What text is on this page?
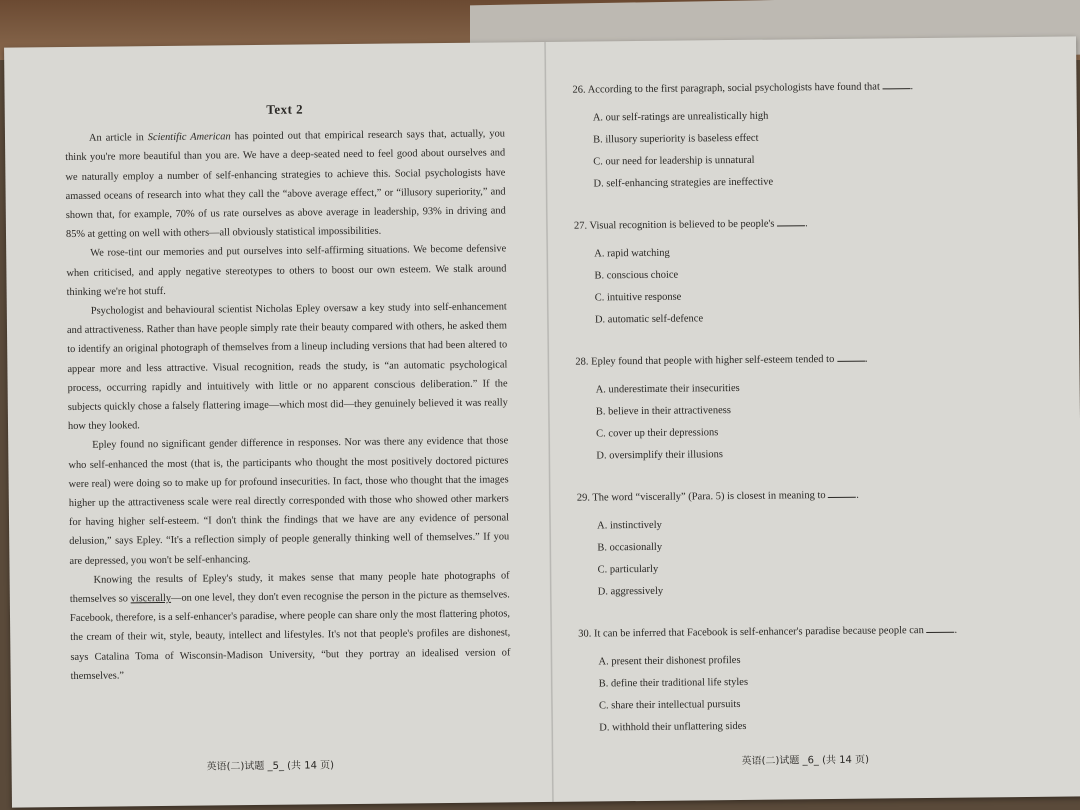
Text 2

An article in Scientific American has pointed out that empirical research says that, actually, you think you're more beautiful than you are. We have a deep-seated need to feel good about ourselves and we naturally employ a number of self-enhancing strategies to achieve this. Social psychologists have amassed oceans of research into what they call the “above average effect,” or “illusory superiority,” and shown that, for example, 70% of us rate ourselves as above average in leadership, 93% in driving and 85% at getting on well with others—all obviously statistical impossibilities.

We rose-tint our memories and put ourselves into self-affirming situations. We become defensive when criticised, and apply negative stereotypes to others to boost our own esteem. We stalk around thinking we're hot stuff.

Psychologist and behavioural scientist Nicholas Epley oversaw a key study into self-enhancement and attractiveness. Rather than have people simply rate their beauty compared with others, he asked them to identify an original photograph of themselves from a lineup including versions that had been altered to appear more and less attractive. Visual recognition, reads the study, is “an automatic psychological process, occurring rapidly and intuitively with little or no apparent conscious deliberation.” If the subjects quickly chose a falsely flattering image—which most did—they genuinely believed it was really how they looked.

Epley found no significant gender difference in responses. Nor was there any evidence that those who self-enhanced the most (that is, the participants who thought the most positively doctored pictures were real) were doing so to make up for profound insecurities. In fact, those who thought that the images higher up the attractiveness scale were real directly corresponded with those who showed other markers for having higher self-esteem. “I don't think the findings that we have are any evidence of personal delusion,” says Epley. “It's a reflection simply of people generally thinking well of themselves.” If you are depressed, you won't be self-enhancing.

Knowing the results of Epley's study, it makes sense that many people hate photographs of themselves so viscerally—on one level, they don't even recognise the person in the picture as themselves. Facebook, therefore, is a self-enhancer's paradise, where people can share only the most flattering photos, the cream of their wit, style, beauty, intellect and lifestyles. It's not that people's profiles are dishonest, says Catalina Toma of Wisconsin-Madison University, “but they portray an idealised version of themselves.”

26. According to the first paragraph, social psychologists have found that	.
A. our self-ratings are unrealistically high
B. illusory superiority is baseless effect
C. our need for leadership is unnatural
D. self-enhancing strategies are ineffective
27. Visual recognition is believed to be people's	.
A. rapid watching
B. conscious choice
C. intuitive response
D. automatic self-defence
28. Epley found that people with higher self-esteem tended to	.
A. underestimate their insecurities
B. believe in their attractiveness
C. cover up their depressions
D. oversimplify their illusions
29. The word “viscerally” (Para. 5) is closest in meaning to	.
A. instinctively
B. occasionally
C. particularly
D. aggressively
30. It can be inferred that Facebook is self-enhancer's paradise because people can	.
A. present their dishonest profiles
B. define their traditional life styles
C. share their intellectual pursuits
D. withhold their unflattering sides
英语(二)试题 _5_ (共 14 页)	英语(二)试题 _6_ (共 14 页)
